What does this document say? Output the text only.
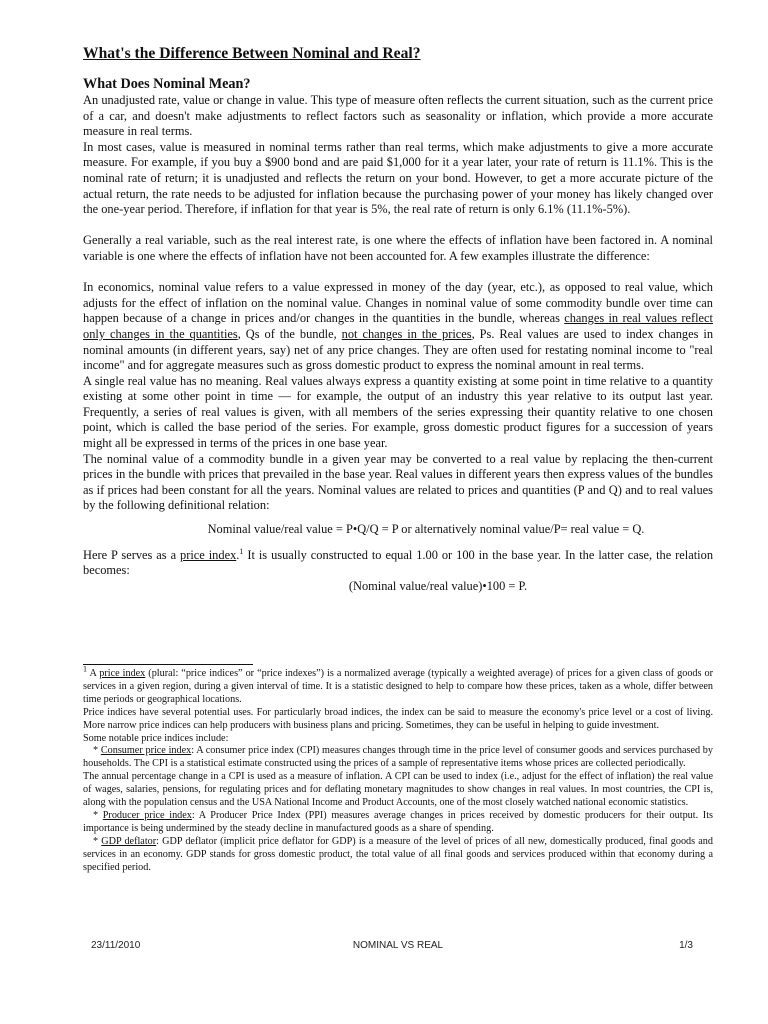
What's the Difference Between Nominal and Real?
What Does Nominal Mean?

An unadjusted rate, value or change in value. This type of measure often reflects the current situation, such as the current price of a car, and doesn't make adjustments to reflect factors such as seasonality or inflation, which provide a more accurate measure in real terms.

In most cases, value is measured in nominal terms rather than real terms, which make adjustments to give a more accurate measure. For example, if you buy a $900 bond and are paid $1,000 for it a year later, your rate of return is 11.1%. This is the nominal rate of return; it is unadjusted and reflects the return on your bond. However, to get a more accurate picture of the actual return, the rate needs to be adjusted for inflation because the purchasing power of your money has likely changed over the one-year period. Therefore, if inflation for that year is 5%, the real rate of return is only 6.1% (11.1%-5%).

Generally a real variable, such as the real interest rate, is one where the effects of inflation have been factored in. A nominal variable is one where the effects of inflation have not been accounted for. A few examples illustrate the difference:

In economics, nominal value refers to a value expressed in money of the day (year, etc.), as opposed to real value, which adjusts for the effect of inflation on the nominal value. Changes in nominal value of some commodity bundle over time can happen because of a change in prices and/or changes in the quantities in the bundle, whereas changes in real values reflect only changes in the quantities, Qs of the bundle, not changes in the prices, Ps. Real values are used to index changes in nominal amounts (in different years, say) net of any price changes. They are often used for restating nominal income to "real income" and for aggregate measures such as gross domestic product to express the nominal amount in real terms.

A single real value has no meaning. Real values always express a quantity existing at some point in time relative to a quantity existing at some other point in time — for example, the output of an industry this year relative to its output last year. Frequently, a series of real values is given, with all members of the series expressing their quantity relative to one chosen point, which is called the base period of the series. For example, gross domestic product figures for a succession of years might all be expressed in terms of the prices in one base year.

The nominal value of a commodity bundle in a given year may be converted to a real value by replacing the then-current prices in the bundle with prices that prevailed in the base year. Real values in different years then express values of the bundles as if prices had been constant for all the years. Nominal values are related to prices and quantities (P and Q) and to real values by the following definitional relation:

Nominal value/real value = P•Q/Q = P or alternatively nominal value/P= real value = Q.

Here P serves as a price index.$^1$ It is usually constructed to equal 1.00 or 100 in the base year. In the latter case, the relation becomes:

(Nominal value/real value)•100 = P.

$^1$ A price index (plural: “price indices” or “price indexes”) is a normalized average (typically a weighted average) of prices for a given class of goods or services in a given region, during a given interval of time. It is a statistic designed to help to compare how these prices, taken as a whole, differ between time periods or geographical locations.

Price indices have several potential uses. For particularly broad indices, the index can be said to measure the economy's price level or a cost of living. More narrow price indices can help producers with business plans and pricing. Sometimes, they can be useful in helping to guide investment.

Some notable price indices include:

* Consumer price index: A consumer price index (CPI) measures changes through time in the price level of consumer goods and services purchased by households. The CPI is a statistical estimate constructed using the prices of a sample of representative items whose prices are collected periodically.

The annual percentage change in a CPI is used as a measure of inflation. A CPI can be used to index (i.e., adjust for the effect of inflation) the real value of wages, salaries, pensions, for regulating prices and for deflating monetary magnitudes to show changes in real values. In most countries, the CPI is, along with the population census and the USA National Income and Product Accounts, one of the most closely watched national economic statistics.

* Producer price index: A Producer Price Index (PPI) measures average changes in prices received by domestic producers for their output. Its importance is being undermined by the steady decline in manufactured goods as a share of spending.

* GDP deflator: GDP deflator (implicit price deflator for GDP) is a measure of the level of prices of all new, domestically produced, final goods and services in an economy. GDP stands for gross domestic product, the total value of all final goods and services produced within that economy during a specified period.

23/11/2010	NOMINAL VS REAL	1/3
